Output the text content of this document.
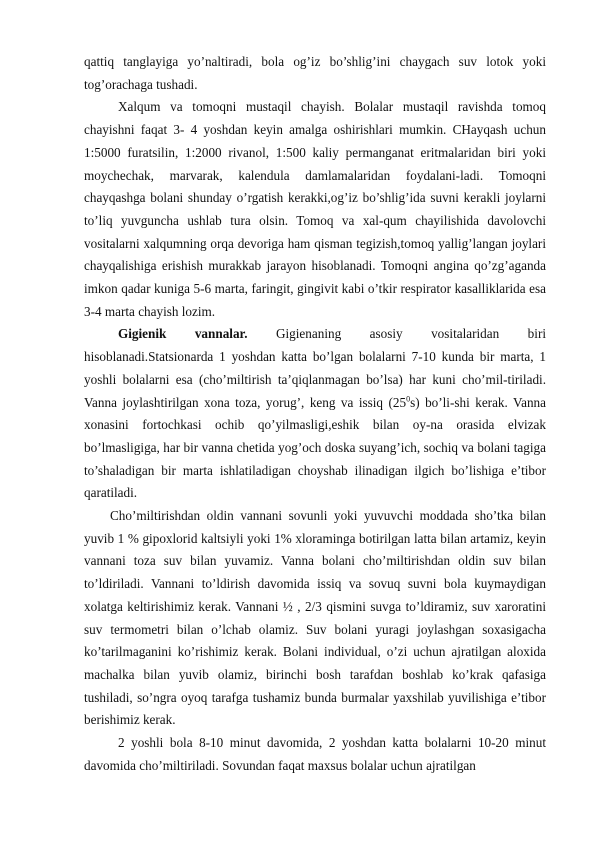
qattiq tanglayiga yo’naltiradi, bola og’iz bo’shlig’ini chaygach suv lotok yoki tog’orachaga tushadi.

Xalqum va tomoqni mustaqil chayish. Bolalar mustaqil ravishda tomoq chayishni faqat 3- 4 yoshdan keyin amalga oshirishlari mumkin. CHayqash uchun 1:5000 furatsilin, 1:2000 rivanol, 1:500 kaliy permanganat eritmalaridan biri yoki moychechak, marvarak, kalendula damlamalaridan foydalani-ladi. Tomoqni chayqashga bolani shunday o’rgatish kerakki,og’iz bo’shlig’ida suvni kerakli joylarni to’liq yuvguncha ushlab tura olsin. Tomoq va xal-qum chayilishida davolovchi vositalarni xalqumning orqa devoriga ham qisman tegizish,tomoq yallig’langan joylari chayqalishiga erishish murakkab jarayon hisoblanadi. Tomoqni angina qo’zg’aganda imkon qadar kuniga 5-6 marta, faringit, gingivit kabi o’tkir respirator kasalliklarida esa 3-4 marta chayish lozim.

Gigienik vannalar. Gigienaning asosiy vositalaridan biri hisoblanadi.Statsionarda 1 yoshdan katta bo’lgan bolalarni 7-10 kunda bir marta, 1 yoshli bolalarni esa (cho’miltirish ta’qiqlanmagan bo’lsa) har kuni cho’mil-tiriladi. Vanna joylashtirilgan xona toza, yorug’, keng va issiq $(25^0s)$ bo’li-shi kerak. Vanna xonasini fortochkasi ochib qo’yilmasligi,eshik bilan oy-na orasida elvizak bo’lmasligiga, har bir vanna chetida yog’och doska suyang’ich, sochiq va bolani tagiga to’shaladigan bir marta ishlatiladigan choyshab ilinadigan ilgich bo’lishiga e’tibor qaratiladi.

Cho’miltirishdan oldin vannani sovunli yoki yuvuvchi moddada sho’tka bilan yuvib 1 % gipoxlorid kaltsiyli yoki 1% xloraminga botirilgan latta bilan artamiz, keyin vannani toza suv bilan yuvamiz. Vanna bolani cho’miltirishdan oldin suv bilan to’ldiriladi. Vannani to’ldirish davomida issiq va sovuq suvni bola kuymaydigan xolatga keltirishimiz kerak. Vannani ½ , 2/3 qismini suvga to’ldiramiz, suv xaroratini suv termometri bilan o’lchab olamiz. Suv bolani yuragi joylashgan soxasigacha ko’tarilmaganini ko’rishimiz kerak. Bolani individual, o’zi uchun ajratilgan aloxida machalka bilan yuvib olamiz, birinchi bosh tarafdan boshlab ko’krak qafasiga tushiladi, so’ngra oyoq tarafga tushamiz bunda burmalar yaxshilab yuvilishiga e’tibor berishimiz kerak.

2 yoshli bola 8-10 minut davomida, 2 yoshdan katta bolalarni 10-20 minut davomida cho’miltiriladi. Sovundan faqat maxsus bolalar uchun ajratilgan
